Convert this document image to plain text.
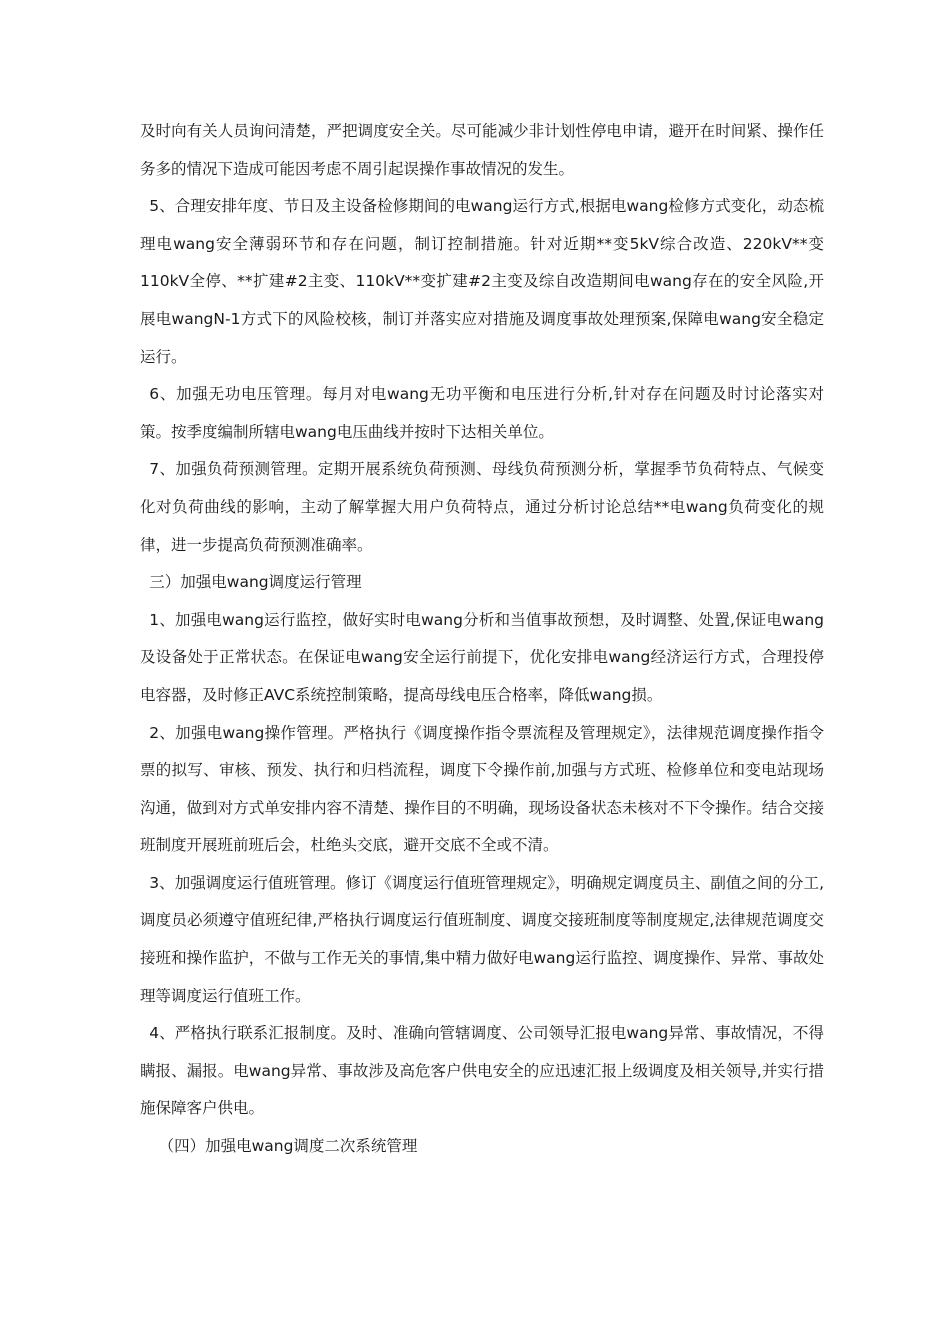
及时向有关人员询问清楚，严把调度安全关。尽可能减少非计划性停电申请，避开在时间紧、操作任务多的情况下造成可能因考虑不周引起误操作事故情况的发生。

5、合理安排年度、节日及主设备检修期间的电wang运行方式,根据电wang检修方式变化，动态梳理电wang安全薄弱环节和存在问题，制订控制措施。针对近期**变5kV综合改造、220kV**变110kV全停、**扩建#2主变、110kV**变扩建#2主变及综自改造期间电wang存在的安全风险,开展电wangN-1方式下的风险校核，制订并落实应对措施及调度事故处理预案,保障电wang安全稳定运行。

6、加强无功电压管理。每月对电wang无功平衡和电压进行分析,针对存在问题及时讨论落实对策。按季度编制所辖电wang电压曲线并按时下达相关单位。

7、加强负荷预测管理。定期开展系统负荷预测、母线负荷预测分析，掌握季节负荷特点、气候变化对负荷曲线的影响，主动了解掌握大用户负荷特点，通过分析讨论总结**电wang负荷变化的规律，进一步提高负荷预测准确率。

三）加强电wang调度运行管理

1、加强电wang运行监控，做好实时电wang分析和当值事故预想，及时调整、处置,保证电wang及设备处于正常状态。在保证电wang安全运行前提下，优化安排电wang经济运行方式，合理投停电容器，及时修正AVC系统控制策略，提高母线电压合格率，降低wang损。

2、加强电wang操作管理。严格执行《调度操作指令票流程及管理规定》，法律规范调度操作指令票的拟写、审核、预发、执行和归档流程，调度下令操作前,加强与方式班、检修单位和变电站现场沟通，做到对方式单安排内容不清楚、操作目的不明确，现场设备状态未核对不下令操作。结合交接班制度开展班前班后会，杜绝头交底，避开交底不全或不清。

3、加强调度运行值班管理。修订《调度运行值班管理规定》，明确规定调度员主、副值之间的分工,调度员必须遵守值班纪律,严格执行调度运行值班制度、调度交接班制度等制度规定,法律规范调度交接班和操作监护，不做与工作无关的事情,集中精力做好电wang运行监控、调度操作、异常、事故处理等调度运行值班工作。

4、严格执行联系汇报制度。及时、准确向管辖调度、公司领导汇报电wang异常、事故情况，不得瞒报、漏报。电wang异常、事故涉及高危客户供电安全的应迅速汇报上级调度及相关领导,并实行措施保障客户供电。

（四）加强电wang调度二次系统管理
